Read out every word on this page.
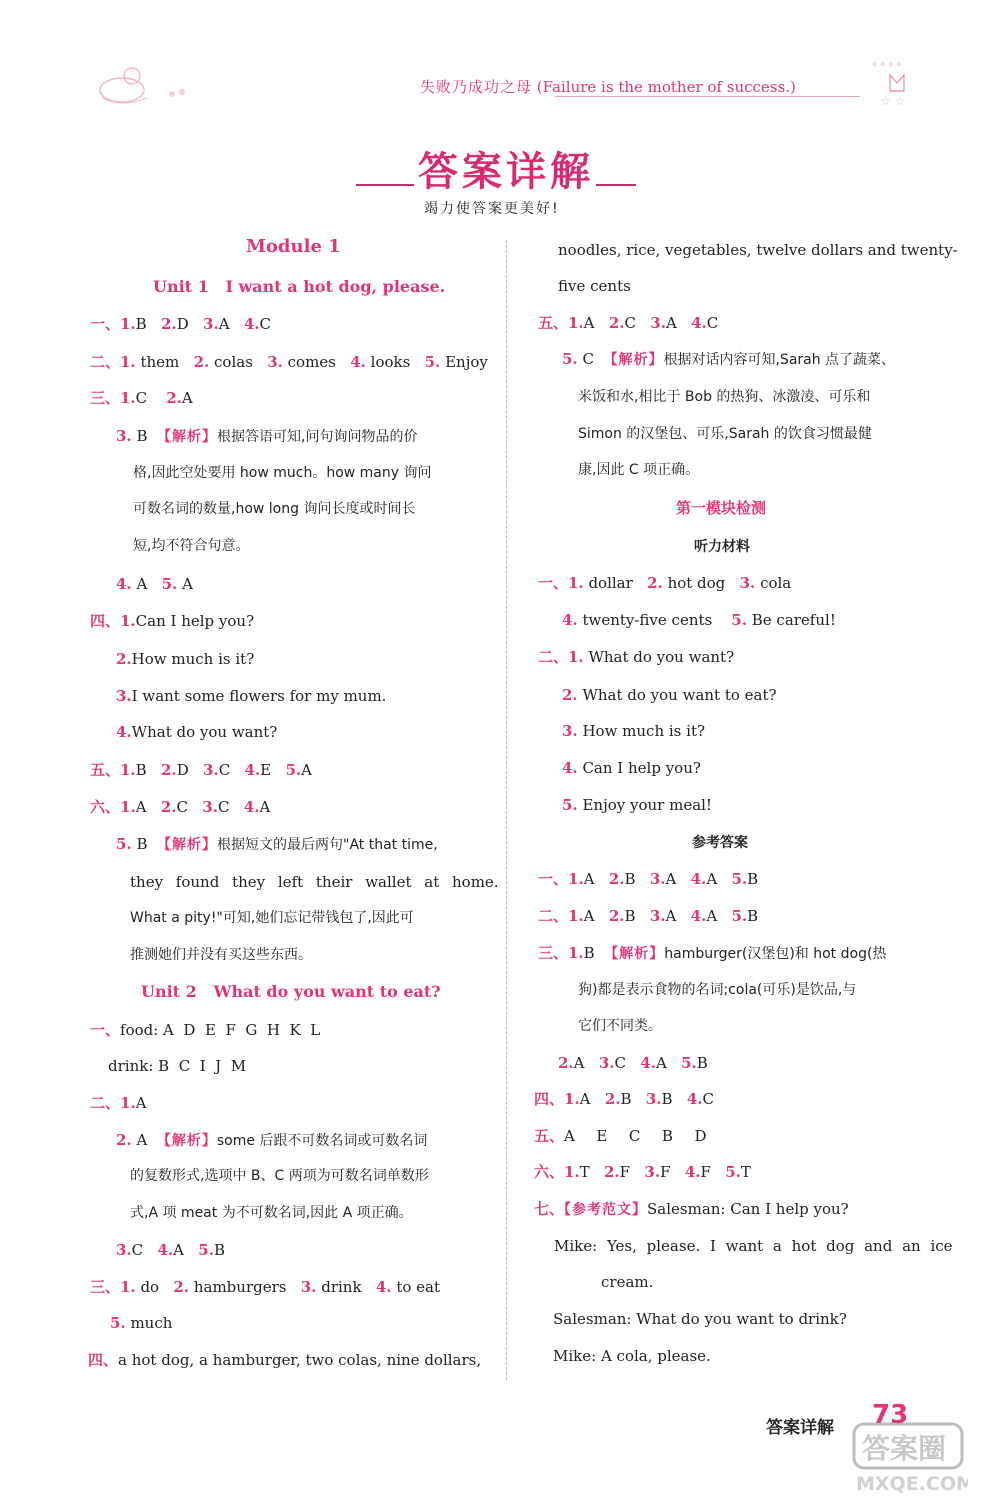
失败乃成功之母 (Failure is the mother of success.)
* * * *
☆ ☆
答案详解
竭力使答案更美好!
Module 1
Unit 1   I want a hot dog, please.
一、1.B 2.D 3.A 4.C
二、1. them 2. colas 3. comes 4. looks 5. Enjoy
三、1.C 2.A
3. B 【解析】根据答语可知,问句询问物品的价
格,因此空处要用 how much。how many 询问
可数名词的数量,how long 询问长度或时间长
短,均不符合句意。
4. A 5. A
四、1.Can I help you?
2.How much is it?
3.I want some flowers for my mum.
4.What do you want?
五、1.B 2.D 3.C 4.E 5.A
六、1.A 2.C 3.C 4.A
5. B 【解析】根据短文的最后两句"At that time,
they found they left their wallet at home.
What a pity!"可知,她们忘记带钱包了,因此可
推测她们并没有买这些东西。
Unit 2   What do you want to eat?
一、food: A  D  E  F  G  H  K  L
drink: B  C  I  J  M
二、1.A
2. A 【解析】some 后跟不可数名词或可数名词
的复数形式,选项中 B、C 两项为可数名词单数形
式,A 项 meat 为不可数名词,因此 A 项正确。
3.C 4.A 5.B
三、1. do 2. hamburgers 3. drink 4. to eat
5. much
四、a hot dog, a hamburger, two colas, nine dollars,
noodles, rice, vegetables, twelve dollars and twenty-
five cents
五、1.A 2.C 3.A 4.C
5. C 【解析】根据对话内容可知,Sarah 点了蔬菜、
米饭和水,相比于 Bob 的热狗、冰激凌、可乐和
Simon 的汉堡包、可乐,Sarah 的饮食习惯最健
康,因此 C 项正确。
第一模块检测
听力材料
一、1. dollar 2. hot dog 3. cola
4. twenty-five cents 5. Be careful!
二、1. What do you want?
2. What do you want to eat?
3. How much is it?
4. Can I help you?
5. Enjoy your meal!
参考答案
一、1.A 2.B 3.A 4.A 5.B
二、1.A 2.B 3.A 4.A 5.B
三、1.B 【解析】hamburger(汉堡包)和 hot dog(热
狗)都是表示食物的名词;cola(可乐)是饮品,与
它们不同类。
2.A 3.C 4.A 5.B
四、1.A 2.B 3.B 4.C
五、A  E  C  B  D
六、1.T 2.F 3.F 4.F 5.T
七、【参考范文】Salesman: Can I help you?
Mike: Yes, please. I want a hot dog and an ice
cream.
Salesman: What do you want to drink?
Mike: A cola, please.
答案详解 73
答案圈
MXQE.COM
